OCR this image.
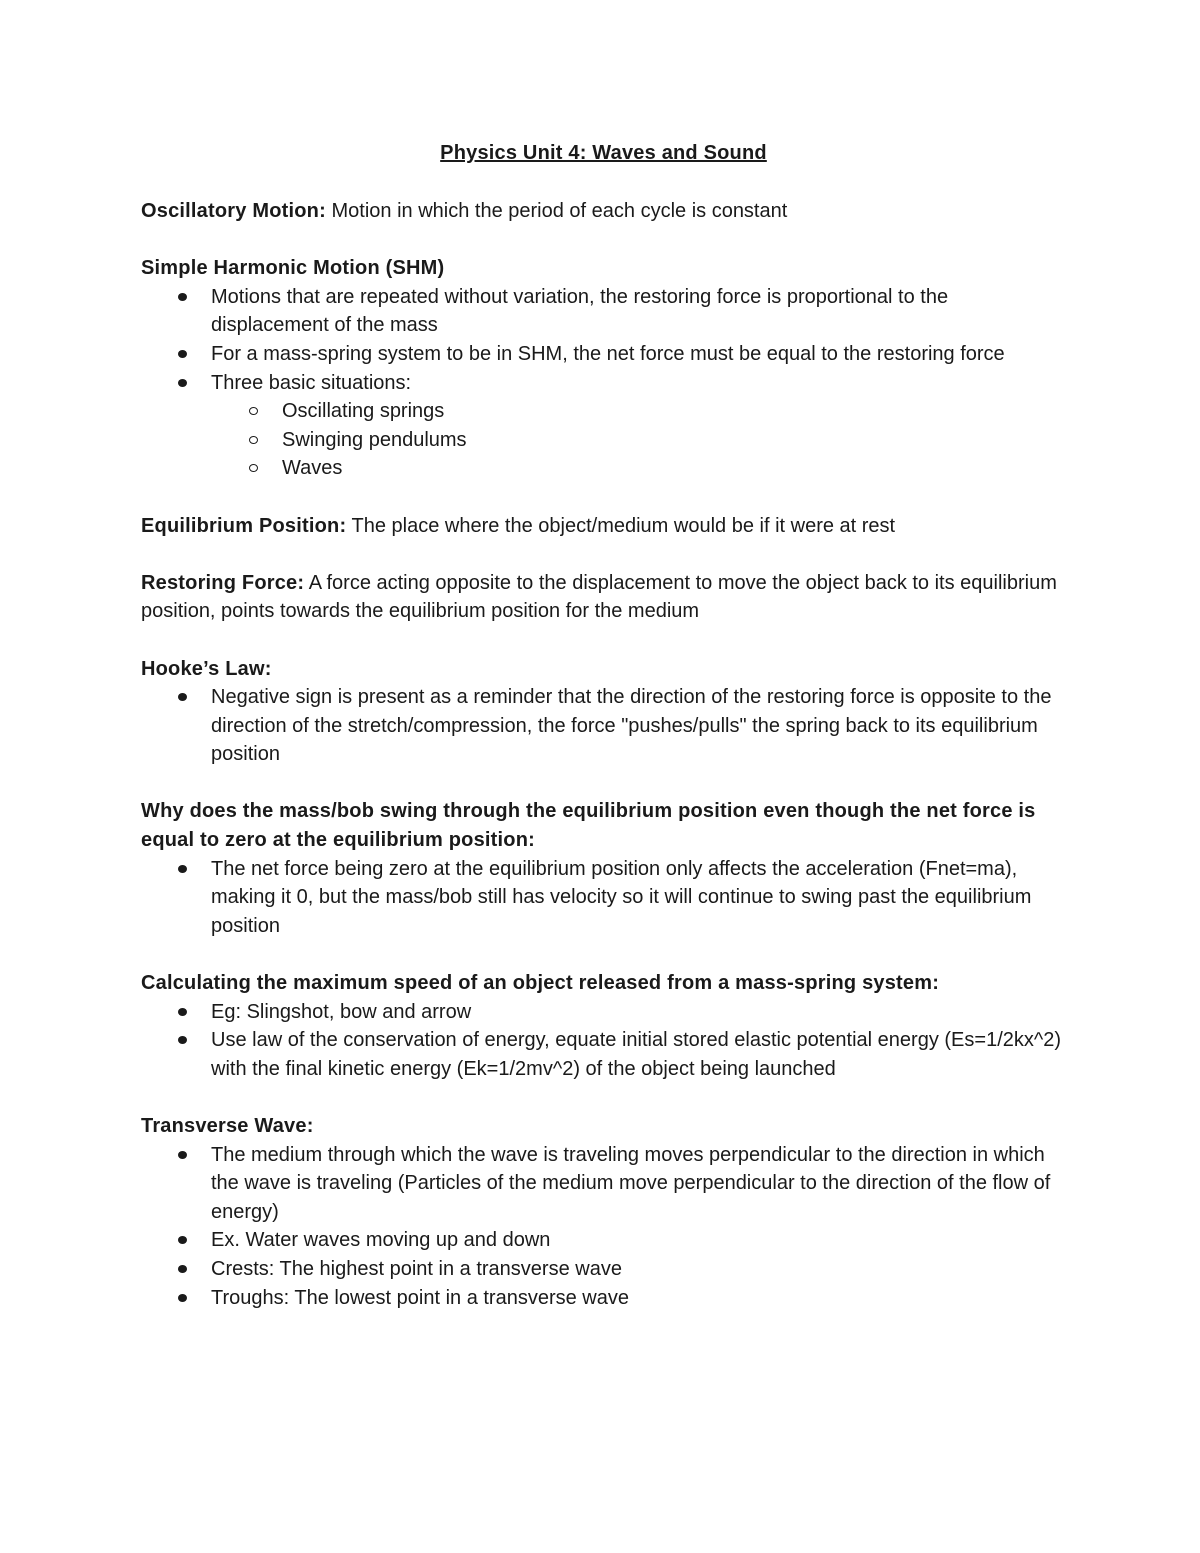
Physics Unit 4: Waves and Sound
Oscillatory Motion: Motion in which the period of each cycle is constant
Simple Harmonic Motion (SHM)
Motions that are repeated without variation, the restoring force is proportional to the displacement of the mass
For a mass-spring system to be in SHM, the net force must be equal to the restoring force
Three basic situations:
Oscillating springs
Swinging pendulums
Waves
Equilibrium Position: The place where the object/medium would be if it were at rest
Restoring Force: A force acting opposite to the displacement to move the object back to its equilibrium position, points towards the equilibrium position for the medium
Hooke’s Law:
Negative sign is present as a reminder that the direction of the restoring force is opposite to the direction of the stretch/compression, the force "pushes/pulls" the spring back to its equilibrium position
Why does the mass/bob swing through the equilibrium position even though the net force is equal to zero at the equilibrium position:
The net force being zero at the equilibrium position only affects the acceleration (Fnet=ma), making it 0, but the mass/bob still has velocity so it will continue to swing past the equilibrium position
Calculating the maximum speed of an object released from a mass-spring system:
Eg: Slingshot, bow and arrow
Use law of the conservation of energy, equate initial stored elastic potential energy (Es=1/2kx^2) with the final kinetic energy (Ek=1/2mv^2) of the object being launched
Transverse Wave:
The medium through which the wave is traveling moves perpendicular to the direction in which the wave is traveling (Particles of the medium move perpendicular to the direction of the flow of energy)
Ex. Water waves moving up and down
Crests: The highest point in a transverse wave
Troughs: The lowest point in a transverse wave
